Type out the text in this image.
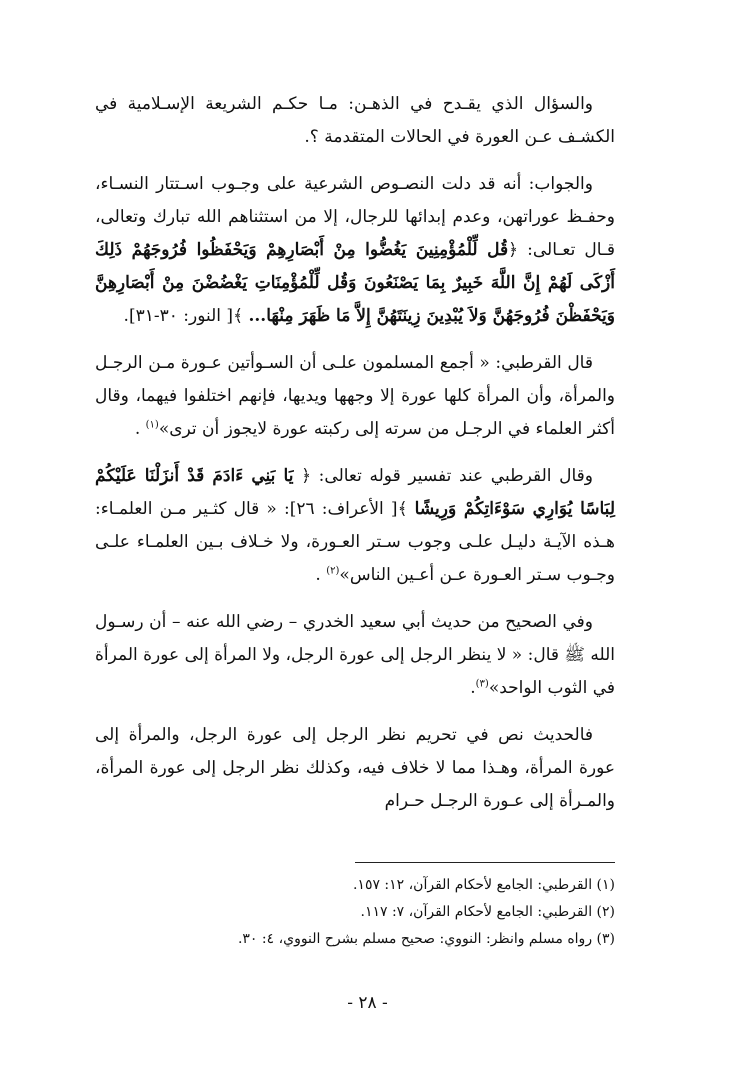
والسؤال الذي يقـدح في الذهـن: مـا حكـم الشريعة الإسـلامية في الكشـف عـن العورة في الحالات المتقدمة ؟.

والجواب: أنه قد دلت النصـوص الشرعية على وجـوب اسـتتار النسـاء، وحفـظ عوراتهن، وعدم إبدائها للرجال، إلا من استثناهم الله تبارك وتعالى، قـال تعـالى: ﴿قُل لِّلْمُؤْمِنِينَ يَغُضُّوا مِنْ أَبْصَارِهِمْ وَيَحْفَظُوا فُرُوجَهُمْ ذَلِكَ أَزْكَى لَهُمْ إِنَّ اللَّهَ خَبِيرٌ بِمَا يَصْنَعُونَ وَقُل لِّلْمُؤْمِنَاتِ يَغْضُضْنَ مِنْ أَبْصَارِهِنَّ وَيَحْفَظْنَ فُرُوجَهُنَّ وَلاَ يُبْدِينَ زِينَتَهُنَّ إِلاَّ مَا ظَهَرَ مِنْهَا... ﴾[ النور: ٣٠-٣١].

قال القرطبي: « أجمع المسلمون علـى أن السـوأتين عـورة مـن الرجـل والمرأة، وأن المرأة كلها عورة إلا وجهها ويديها، فإنهم اختلفوا فيهما، وقال أكثر العلماء في الرجـل من سرته إلى ركبته عورة لايجوز أن ترى»$^{(١)}$ .

وقال القرطبي عند تفسير قوله تعالى: ﴿ يَا بَنِي ءَادَمَ قَدْ أَنزَلْنَا عَلَيْكُمْ لِبَاسًا يُوَارِي سَوْءَاتِكُمْ وَرِيشًا ﴾[ الأعراف: ٢٦]: « قال كثـير مـن العلمـاء: هـذه الآيـة دليـل علـى وجوب سـتر العـورة، ولا خـلاف بـين العلمـاء علـى وجـوب سـتر العـورة عـن أعـين الناس»$^{(٢)}$ .

وفي الصحيح من حديث أبي سعيد الخدري – رضي الله عنه – أن رسـول الله ﷺ قال: « لا ينظر الرجل إلى عورة الرجل، ولا المرأة إلى عورة المرأة في الثوب الواحد»$^{(٣)}$.

فالحديث نص في تحريم نظر الرجل إلى عورة الرجل، والمرأة إلى عورة المرأة، وهـذا مما لا خلاف فيه، وكذلك نظر الرجل إلى عورة المرأة، والمـرأة إلى عـورة الرجـل حـرام

(١) القرطبي: الجامع لأحكام القرآن، ١٢: ١٥٧.

(٢) القرطبي: الجامع لأحكام القرآن، ٧: ١١٧.

(٣) رواه مسلم وانظر: النووي: صحيح مسلم بشرح النووي، ٤: ٣٠.

- ٢٨ -
